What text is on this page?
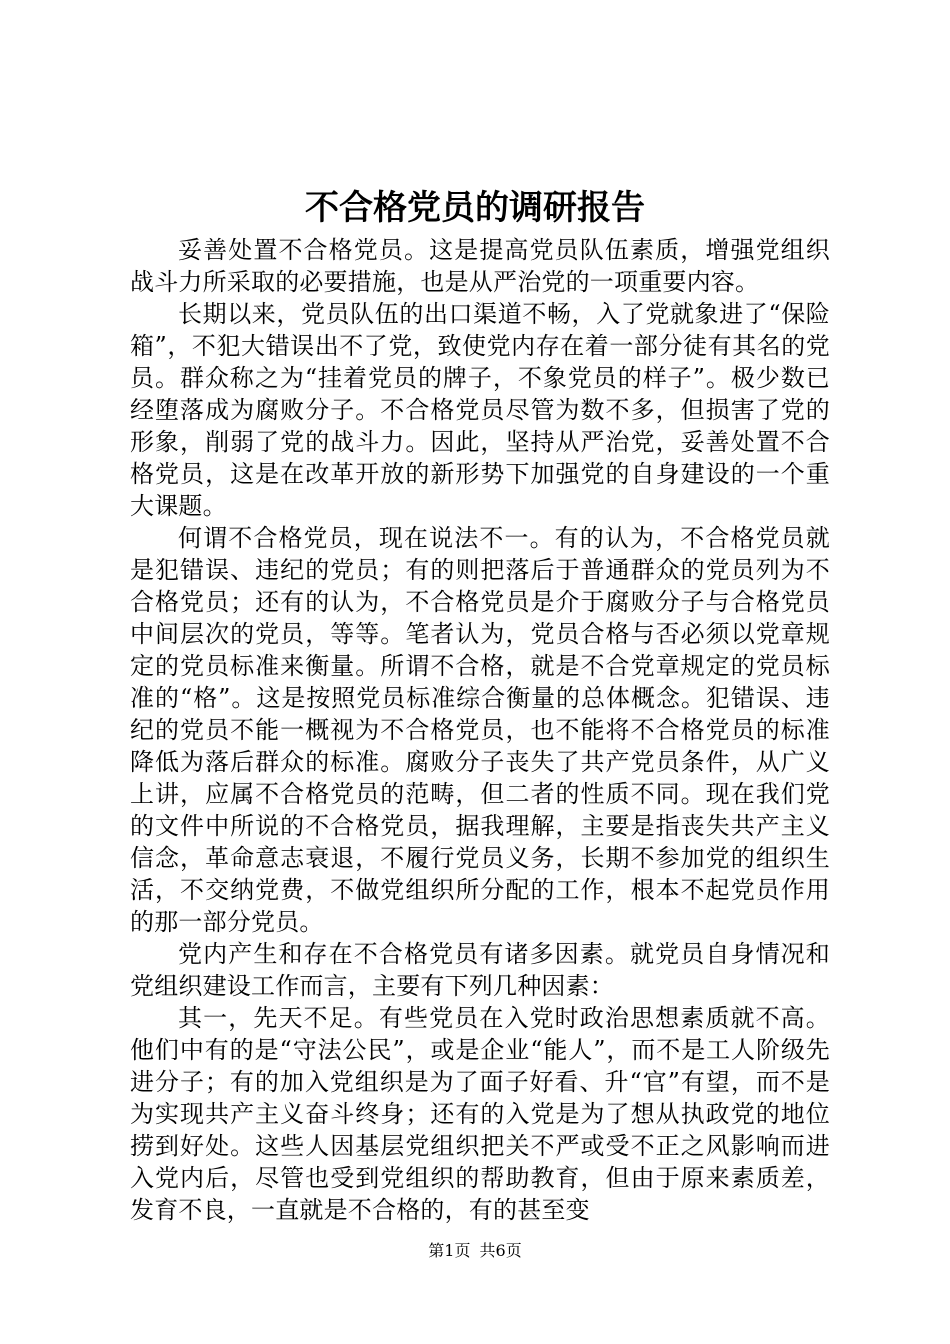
不合格党员的调研报告

妥善处置不合格党员。这是提高党员队伍素质，增强党组织战斗力所采取的必要措施，也是从严治党的一项重要内容。

长期以来，党员队伍的出口渠道不畅，入了党就象进了“保险箱”，不犯大错误出不了党，致使党内存在着一部分徒有其名的党员。群众称之为“挂着党员的牌子，不象党员的样子”。极少数已经堕落成为腐败分子。不合格党员尽管为数不多，但损害了党的形象，削弱了党的战斗力。因此，坚持从严治党，妥善处置不合格党员，这是在改革开放的新形势下加强党的自身建设的一个重大课题。

何谓不合格党员，现在说法不一。有的认为，不合格党员就是犯错误、违纪的党员；有的则把落后于普通群众的党员列为不合格党员；还有的认为，不合格党员是介于腐败分子与合格党员中间层次的党员，等等。笔者认为，党员合格与否必须以党章规定的党员标准来衡量。所谓不合格，就是不合党章规定的党员标准的“格”。这是按照党员标准综合衡量的总体概念。犯错误、违纪的党员不能一概视为不合格党员，也不能将不合格党员的标准降低为落后群众的标准。腐败分子丧失了共产党员条件，从广义上讲，应属不合格党员的范畴，但二者的性质不同。现在我们党的文件中所说的不合格党员，据我理解，主要是指丧失共产主义信念，革命意志衰退，不履行党员义务，长期不参加党的组织生活，不交纳党费，不做党组织所分配的工作，根本不起党员作用的那一部分党员。

党内产生和存在不合格党员有诸多因素。就党员自身情况和党组织建设工作而言，主要有下列几种因素：

其一，先天不足。有些党员在入党时政治思想素质就不高。他们中有的是“守法公民”，或是企业“能人”，而不是工人阶级先进分子；有的加入党组织是为了面子好看、升“官”有望，而不是为实现共产主义奋斗终身；还有的入党是为了想从执政党的地位捞到好处。这些人因基层党组织把关不严或受不正之风影响而进入党内后，尽管也受到党组织的帮助教育，但由于原来素质差，发育不良，一直就是不合格的，有的甚至变

第1页 共6页
